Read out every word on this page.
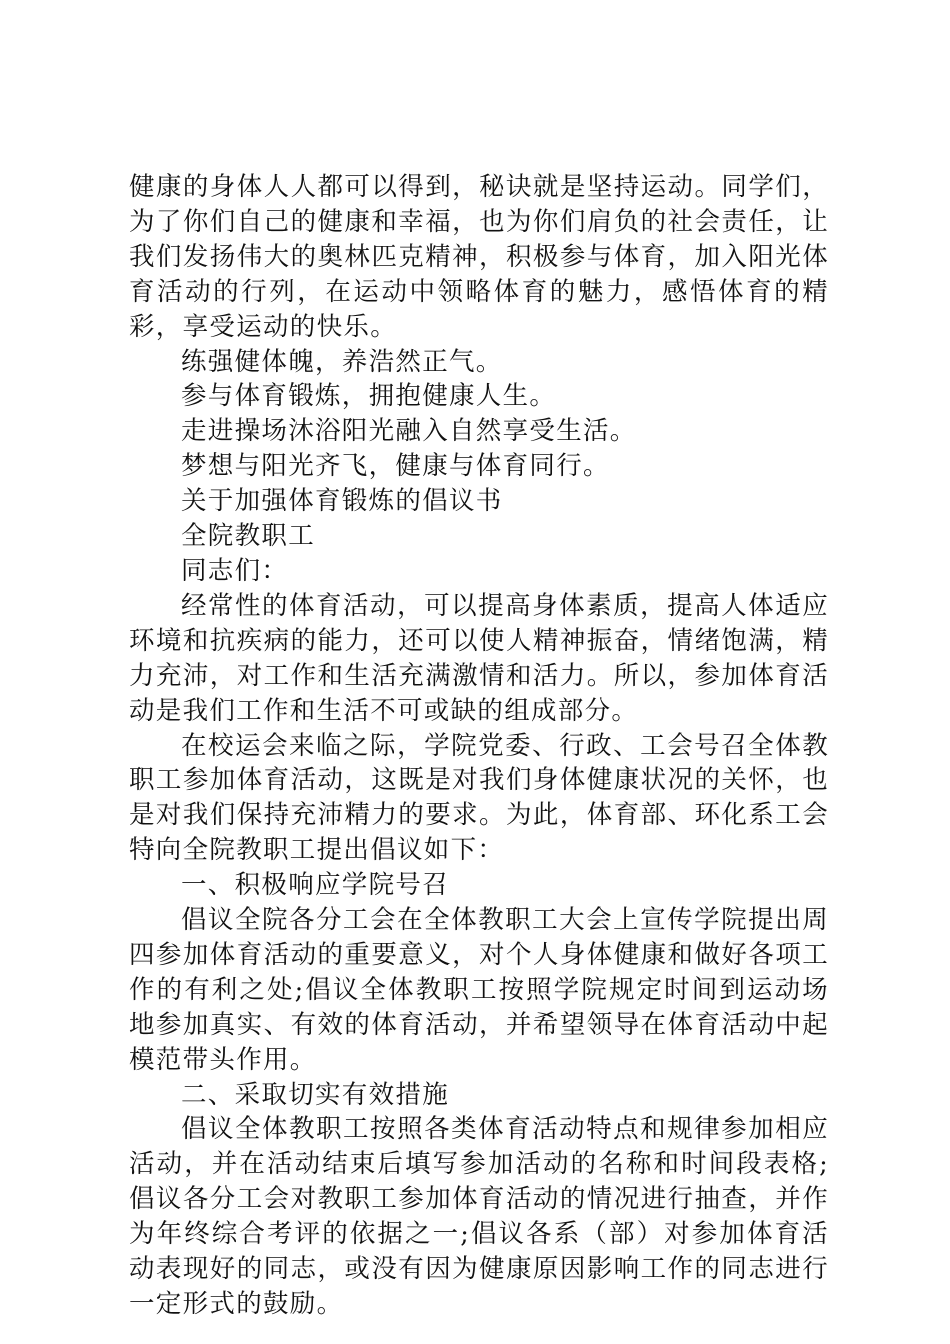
健康的身体人人都可以得到，秘诀就是坚持运动。同学们，为了你们自己的健康和幸福，也为你们肩负的社会责任，让我们发扬伟大的奥林匹克精神，积极参与体育，加入阳光体育活动的行列，在运动中领略体育的魅力，感悟体育的精彩，享受运动的快乐。

练强健体魄，养浩然正气。

参与体育锻炼，拥抱健康人生。

走进操场沐浴阳光融入自然享受生活。

梦想与阳光齐飞，健康与体育同行。

关于加强体育锻炼的倡议书

全院教职工

同志们：

经常性的体育活动，可以提高身体素质，提高人体适应环境和抗疾病的能力，还可以使人精神振奋，情绪饱满，精力充沛，对工作和生活充满激情和活力。所以，参加体育活动是我们工作和生活不可或缺的组成部分。

在校运会来临之际，学院党委、行政、工会号召全体教职工参加体育活动，这既是对我们身体健康状况的关怀，也是对我们保持充沛精力的要求。为此，体育部、环化系工会特向全院教职工提出倡议如下：

一、积极响应学院号召

倡议全院各分工会在全体教职工大会上宣传学院提出周四参加体育活动的重要意义，对个人身体健康和做好各项工作的有利之处;倡议全体教职工按照学院规定时间到运动场地参加真实、有效的体育活动，并希望领导在体育活动中起模范带头作用。

二、采取切实有效措施

倡议全体教职工按照各类体育活动特点和规律参加相应活动，并在活动结束后填写参加活动的名称和时间段表格;倡议各分工会对教职工参加体育活动的情况进行抽查，并作为年终综合考评的依据之一;倡议各系（部）对参加体育活动表现好的同志，或没有因为健康原因影响工作的同志进行一定形式的鼓励。
